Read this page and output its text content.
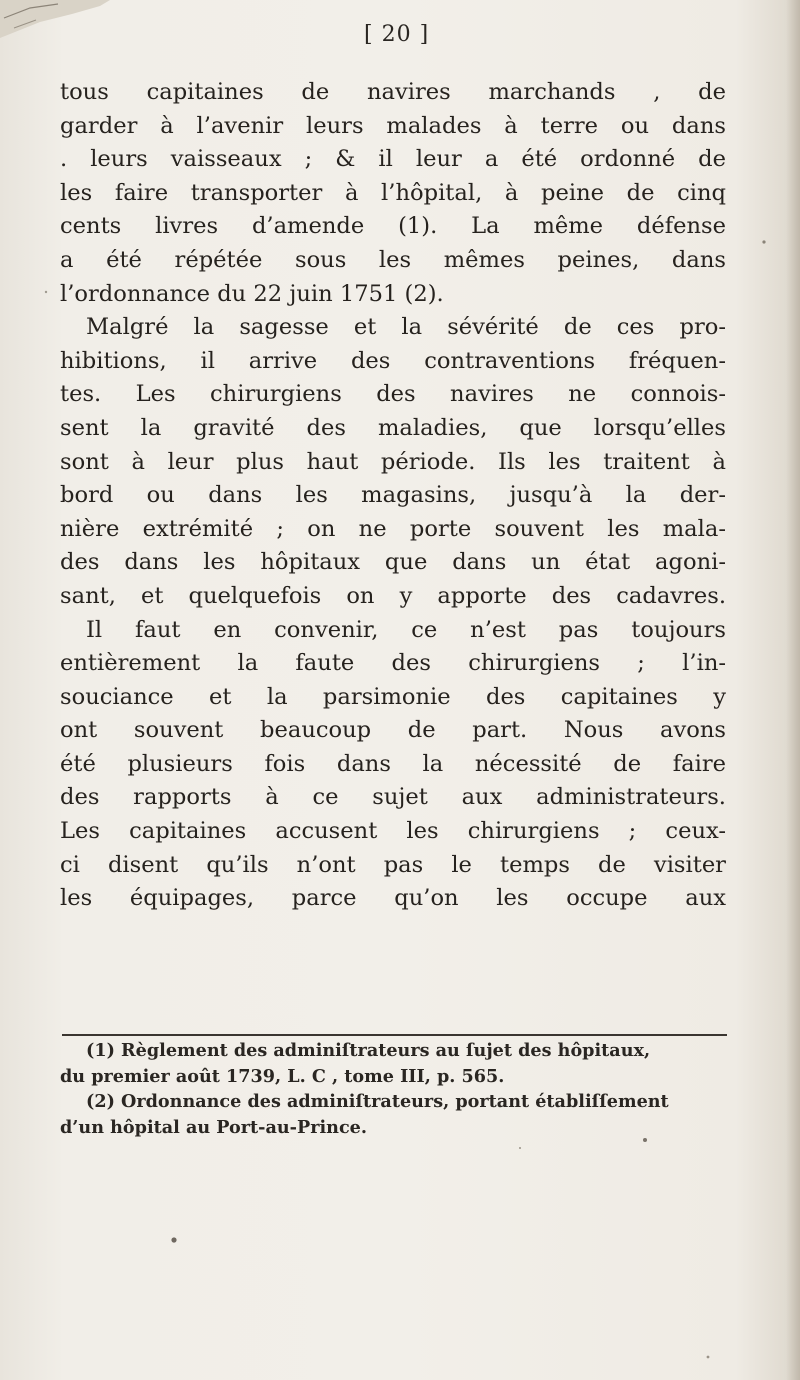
[ 20 ]
tous capitaines de navires marchands , de
garder à l’avenir leurs malades à terre ou dans
. leurs vaisseaux ; & il leur a été ordonné de
les faire transporter à l’hôpital, à peine de cinq
cents livres d’amende (1). La même défense
a été répétée sous les mêmes peines, dans
l’ordonnance du 22 juin 1751 (2).
Malgré la sagesse et la sévérité de ces pro-
hibitions, il arrive des contraventions fréquen-
tes. Les chirurgiens des navires ne connois-
sent la gravité des maladies, que lorsqu’elles
sont à leur plus haut période. Ils les traitent à
bord ou dans les magasins, jusqu’à la der-
nière extrémité ; on ne porte souvent les mala-
des dans les hôpitaux que dans un état agoni-
sant, et quelquefois on y apporte des cadavres.
Il faut en convenir, ce n’est pas toujours
entièrement la faute des chirurgiens ; l’in-
souciance et la parsimonie des capitaines y
ont souvent beaucoup de part. Nous avons
été plusieurs fois dans la nécessité de faire
des rapports à ce sujet aux administrateurs.
Les capitaines accusent les chirurgiens ; ceux-
ci disent qu’ils n’ont pas le temps de visiter
les équipages, parce qu’on les occupe aux
(1) Règlement des adminiſtrateurs au ſujet des hôpitaux,
du premier août 1739, L. C , tome III, p. 565.
(2) Ordonnance des adminiſtrateurs, portant établiſſement
d’un hôpital au Port-au-Prince.
